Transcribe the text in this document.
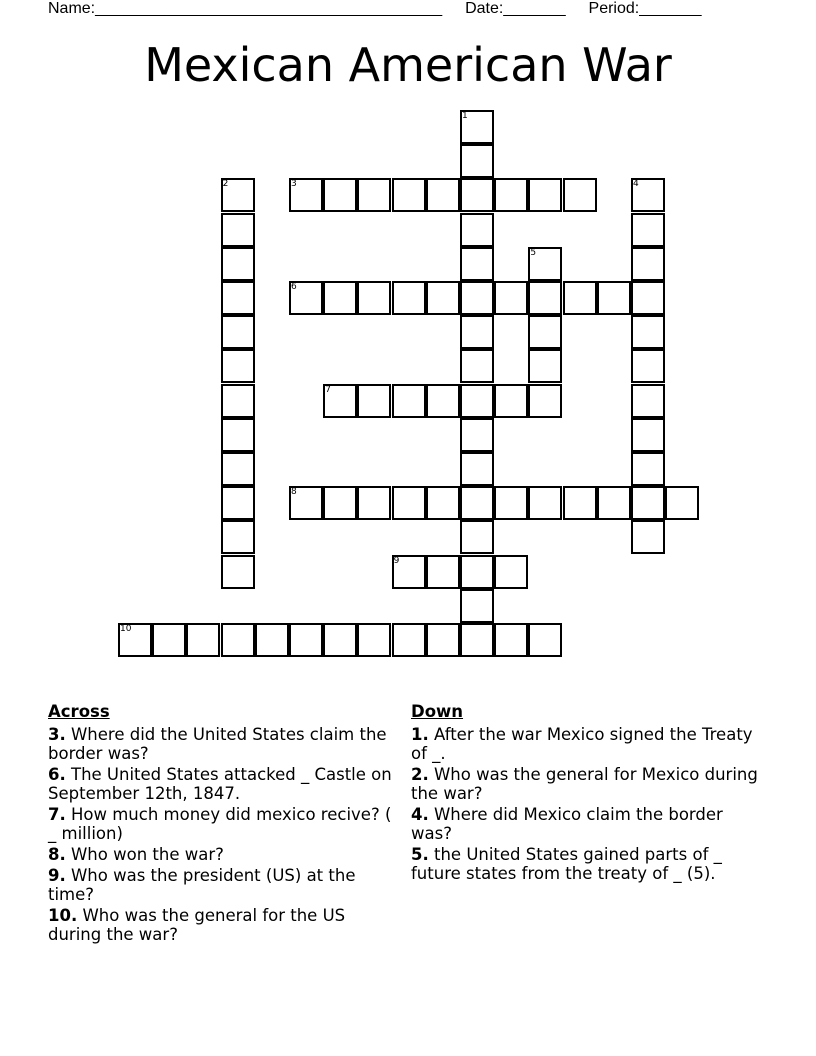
Name:_______________________________________ Date:_______ Period:_______
Mexican American War
1
2	3	4
5
6
7
8
9
10
Across
3. Where did the United States claim the border was?
6. The United States attacked _ Castle on September 12th, 1847.
7. How much money did mexico recive? ( _ million)
8. Who won the war?
9. Who was the president (US) at the time?
10. Who was the general for the US during the war?
Down
1. After the war Mexico signed the Treaty of _.
2. Who was the general for Mexico during the war?
4. Where did Mexico claim the border was?
5. the United States gained parts of _ future states from the treaty of _ (5).
